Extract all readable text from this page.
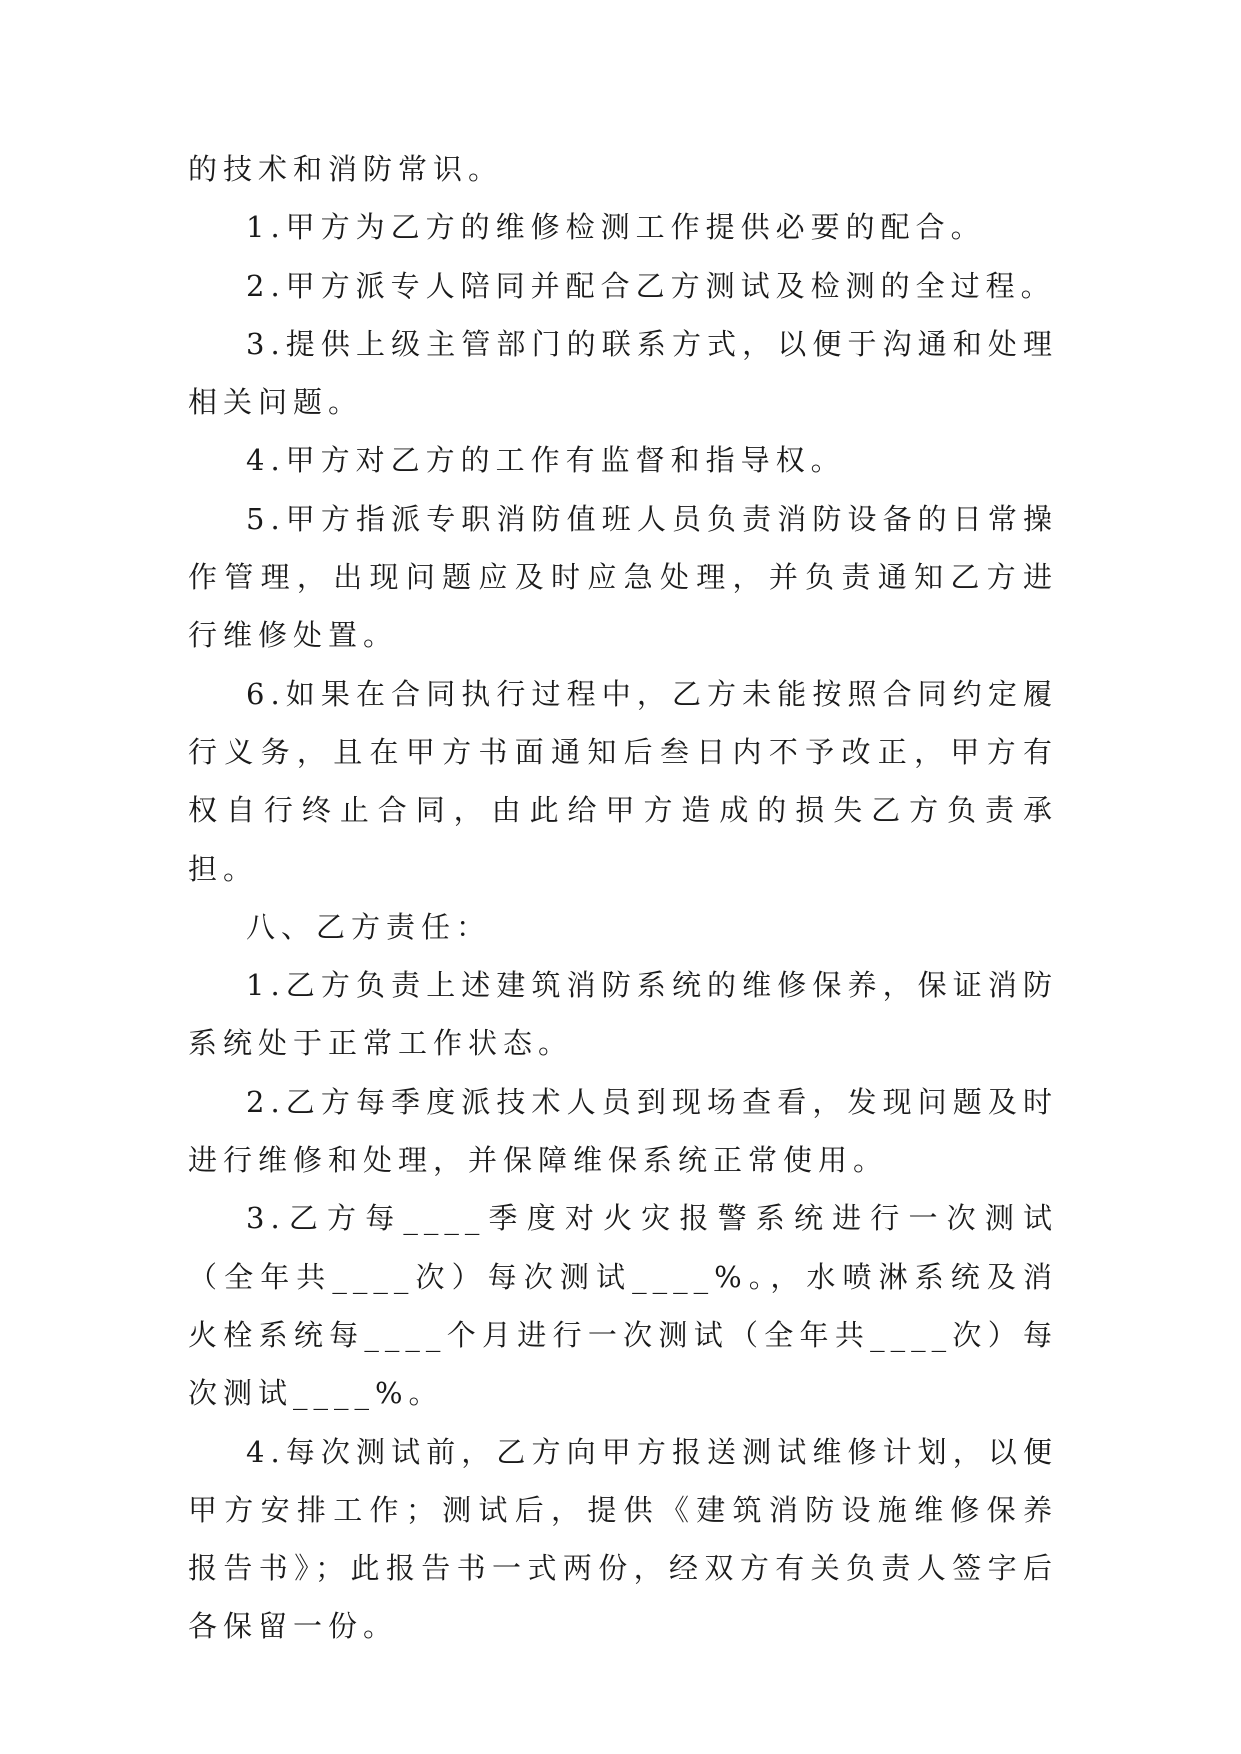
的技术和消防常识。

1.甲方为乙方的维修检测工作提供必要的配合。

2.甲方派专人陪同并配合乙方测试及检测的全过程。

3.提供上级主管部门的联系方式，以便于沟通和处理相关问题。

4.甲方对乙方的工作有监督和指导权。

5.甲方指派专职消防值班人员负责消防设备的日常操作管理，出现问题应及时应急处理，并负责通知乙方进行维修处置。

6.如果在合同执行过程中，乙方未能按照合同约定履行义务，且在甲方书面通知后叁日内不予改正，甲方有权自行终止合同，由此给甲方造成的损失乙方负责承担。

八、乙方责任：

1.乙方负责上述建筑消防系统的维修保养，保证消防系统处于正常工作状态。

2.乙方每季度派技术人员到现场查看，发现问题及时进行维修和处理，并保障维保系统正常使用。

3.乙方每____季度对火灾报警系统进行一次测试（全年共____次）每次测试____%。，水喷淋系统及消火栓系统每____个月进行一次测试（全年共____次）每次测试____%。

4.每次测试前，乙方向甲方报送测试维修计划，以便甲方安排工作；测试后，提供《建筑消防设施维修保养报告书》；此报告书一式两份，经双方有关负责人签字后各保留一份。
